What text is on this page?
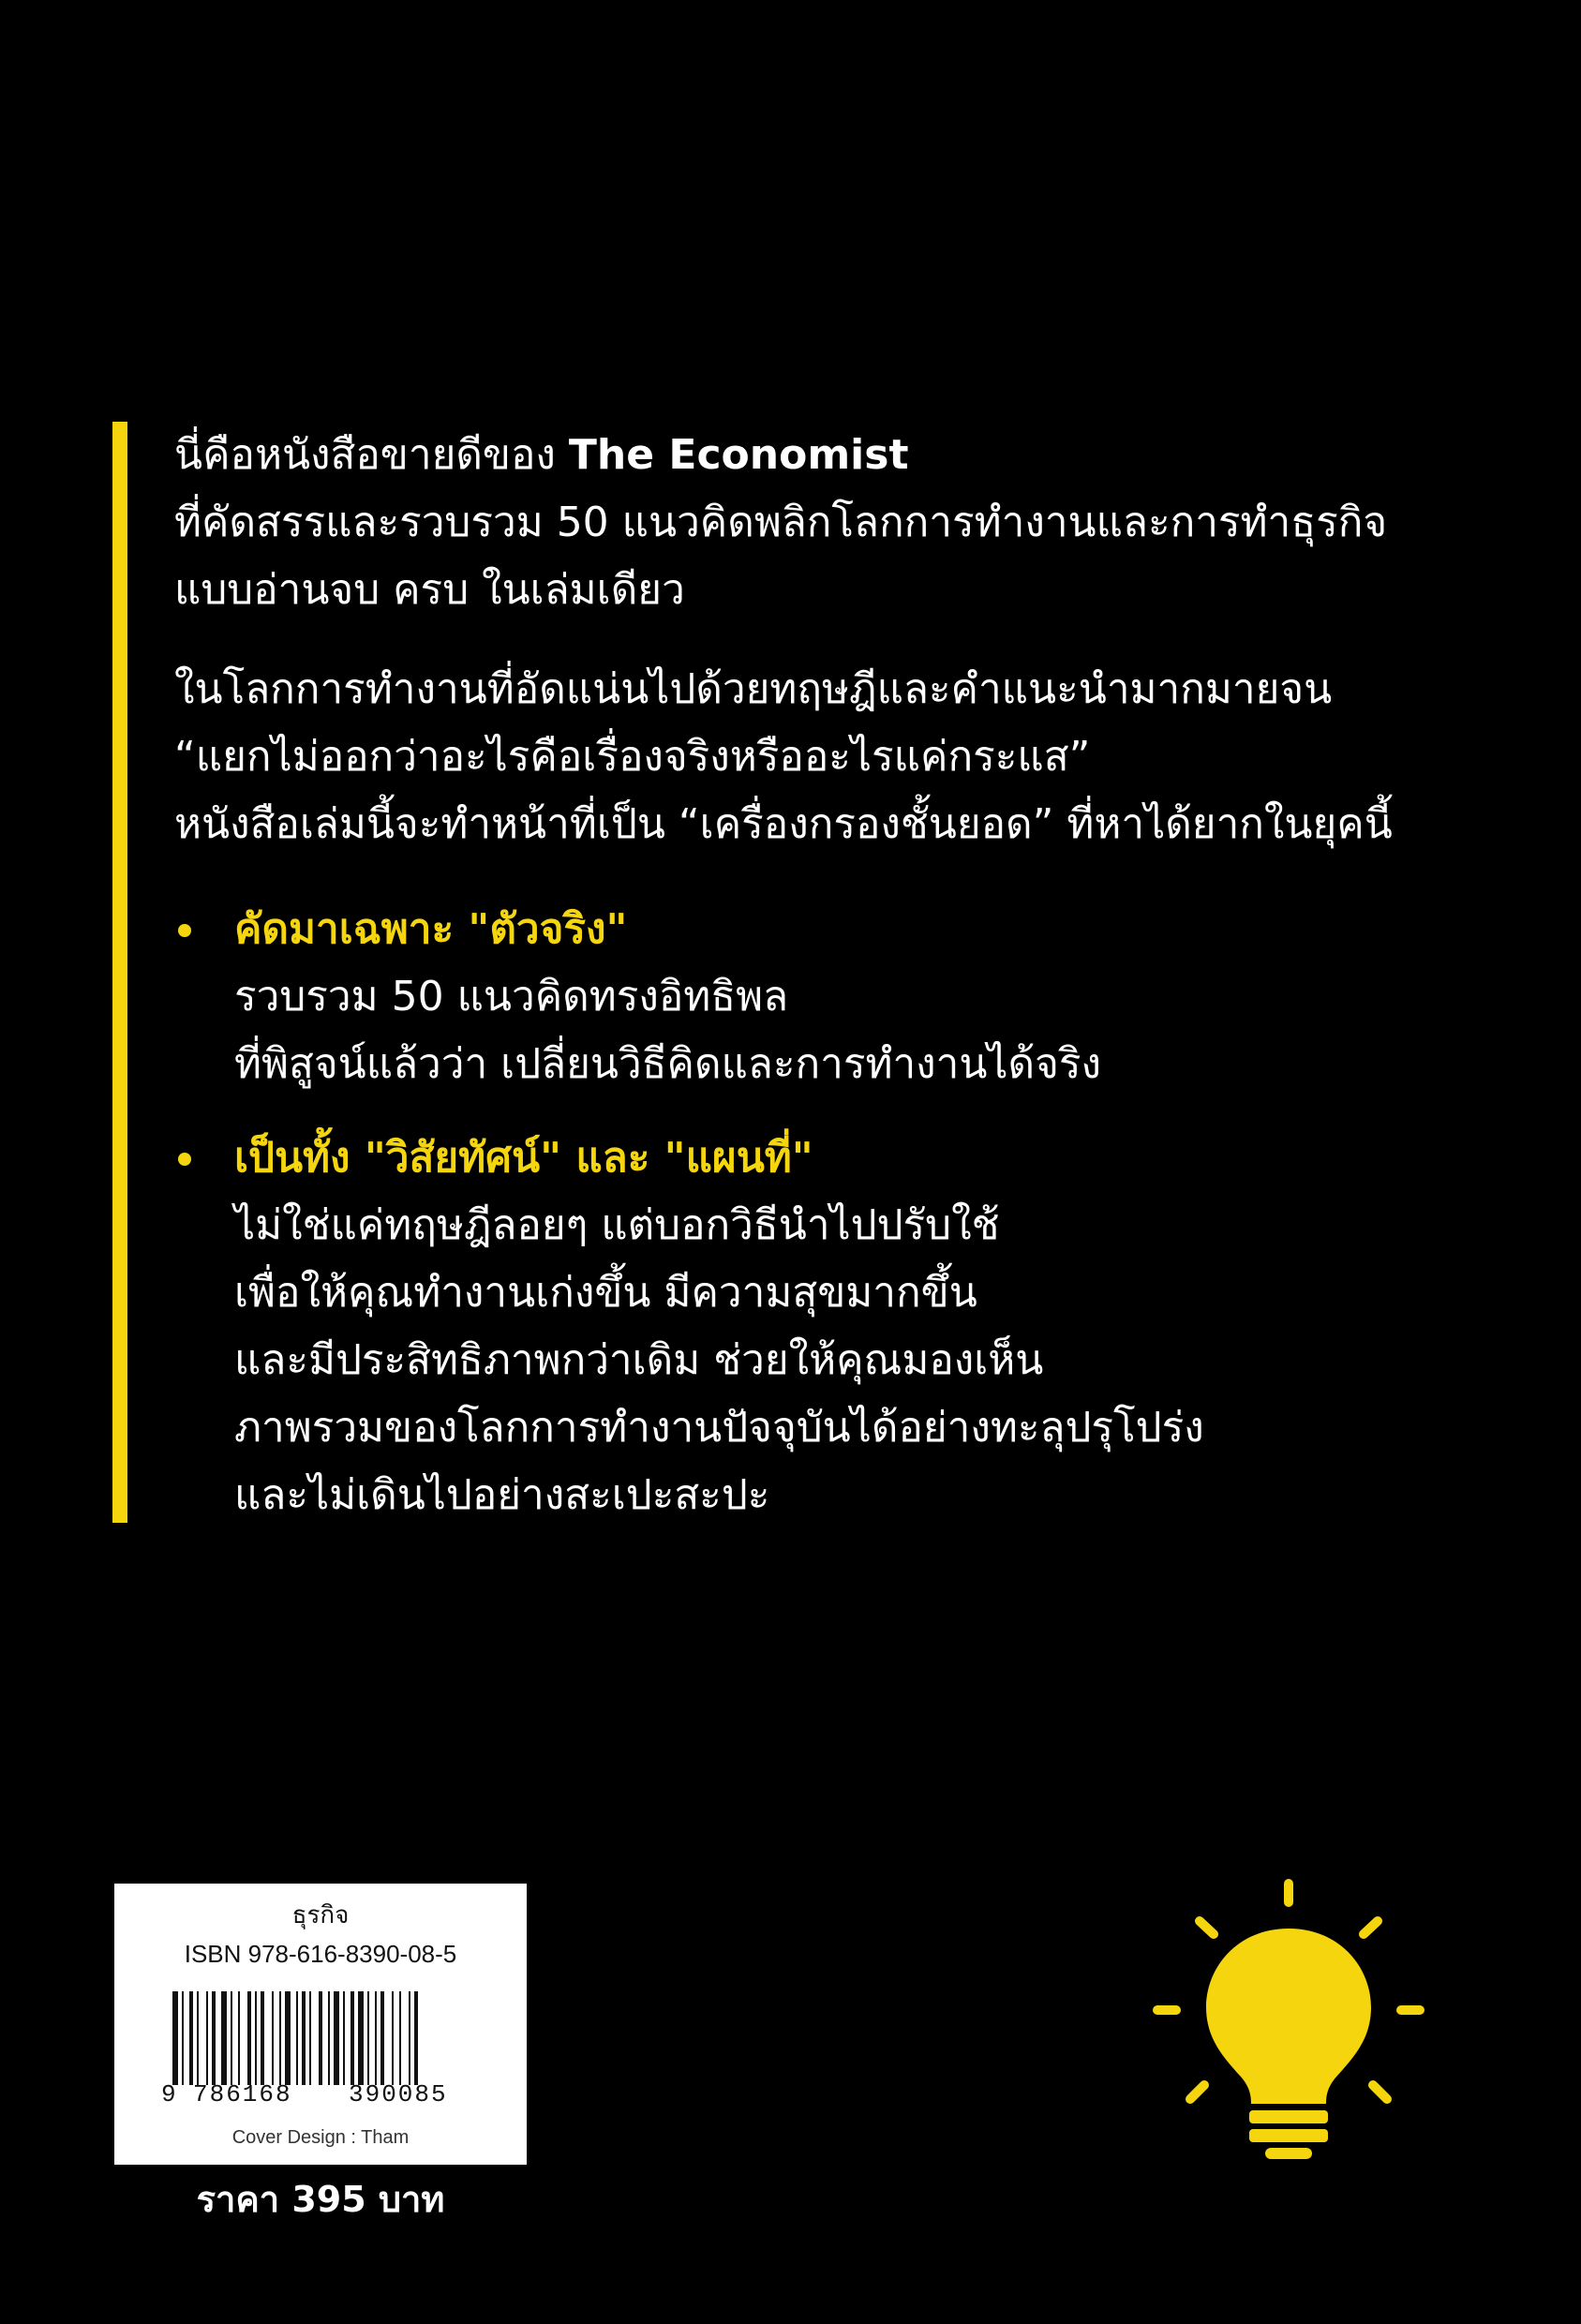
นี่คือหนังสือขายดีของ The Economist
ที่คัดสรรและรวบรวม 50 แนวคิดพลิกโลกการทำงานและการทำธุรกิจ
แบบอ่านจบ ครบ ในเล่มเดียว
ในโลกการทำงานที่อัดแน่นไปด้วยทฤษฎีและคำแนะนำมากมายจน
“แยกไม่ออกว่าอะไรคือเรื่องจริงหรืออะไรแค่กระแส”
หนังสือเล่มนี้จะทำหน้าที่เป็น “เครื่องกรองชั้นยอด” ที่หาได้ยากในยุคนี้
คัดมาเฉพาะ "ตัวจริง"
รวบรวม 50 แนวคิดทรงอิทธิพล
ที่พิสูจน์แล้วว่า เปลี่ยนวิธีคิดและการทำงานได้จริง
เป็นทั้ง "วิสัยทัศน์" และ "แผนที่"
ไม่ใช่แค่ทฤษฎีลอยๆ แต่บอกวิธีนำไปปรับใช้
เพื่อให้คุณทำงานเก่งขึ้น มีความสุขมากขึ้น
และมีประสิทธิภาพกว่าเดิม ช่วยให้คุณมองเห็น
ภาพรวมของโลกการทำงานปัจจุบันได้อย่างทะลุปรุโปร่ง
และไม่เดินไปอย่างสะเปะสะปะ
ธุรกิจ
ISBN 978-616-8390-08-5
9 786168 390085
Cover Design : Tham
ราคา 395 บาท
